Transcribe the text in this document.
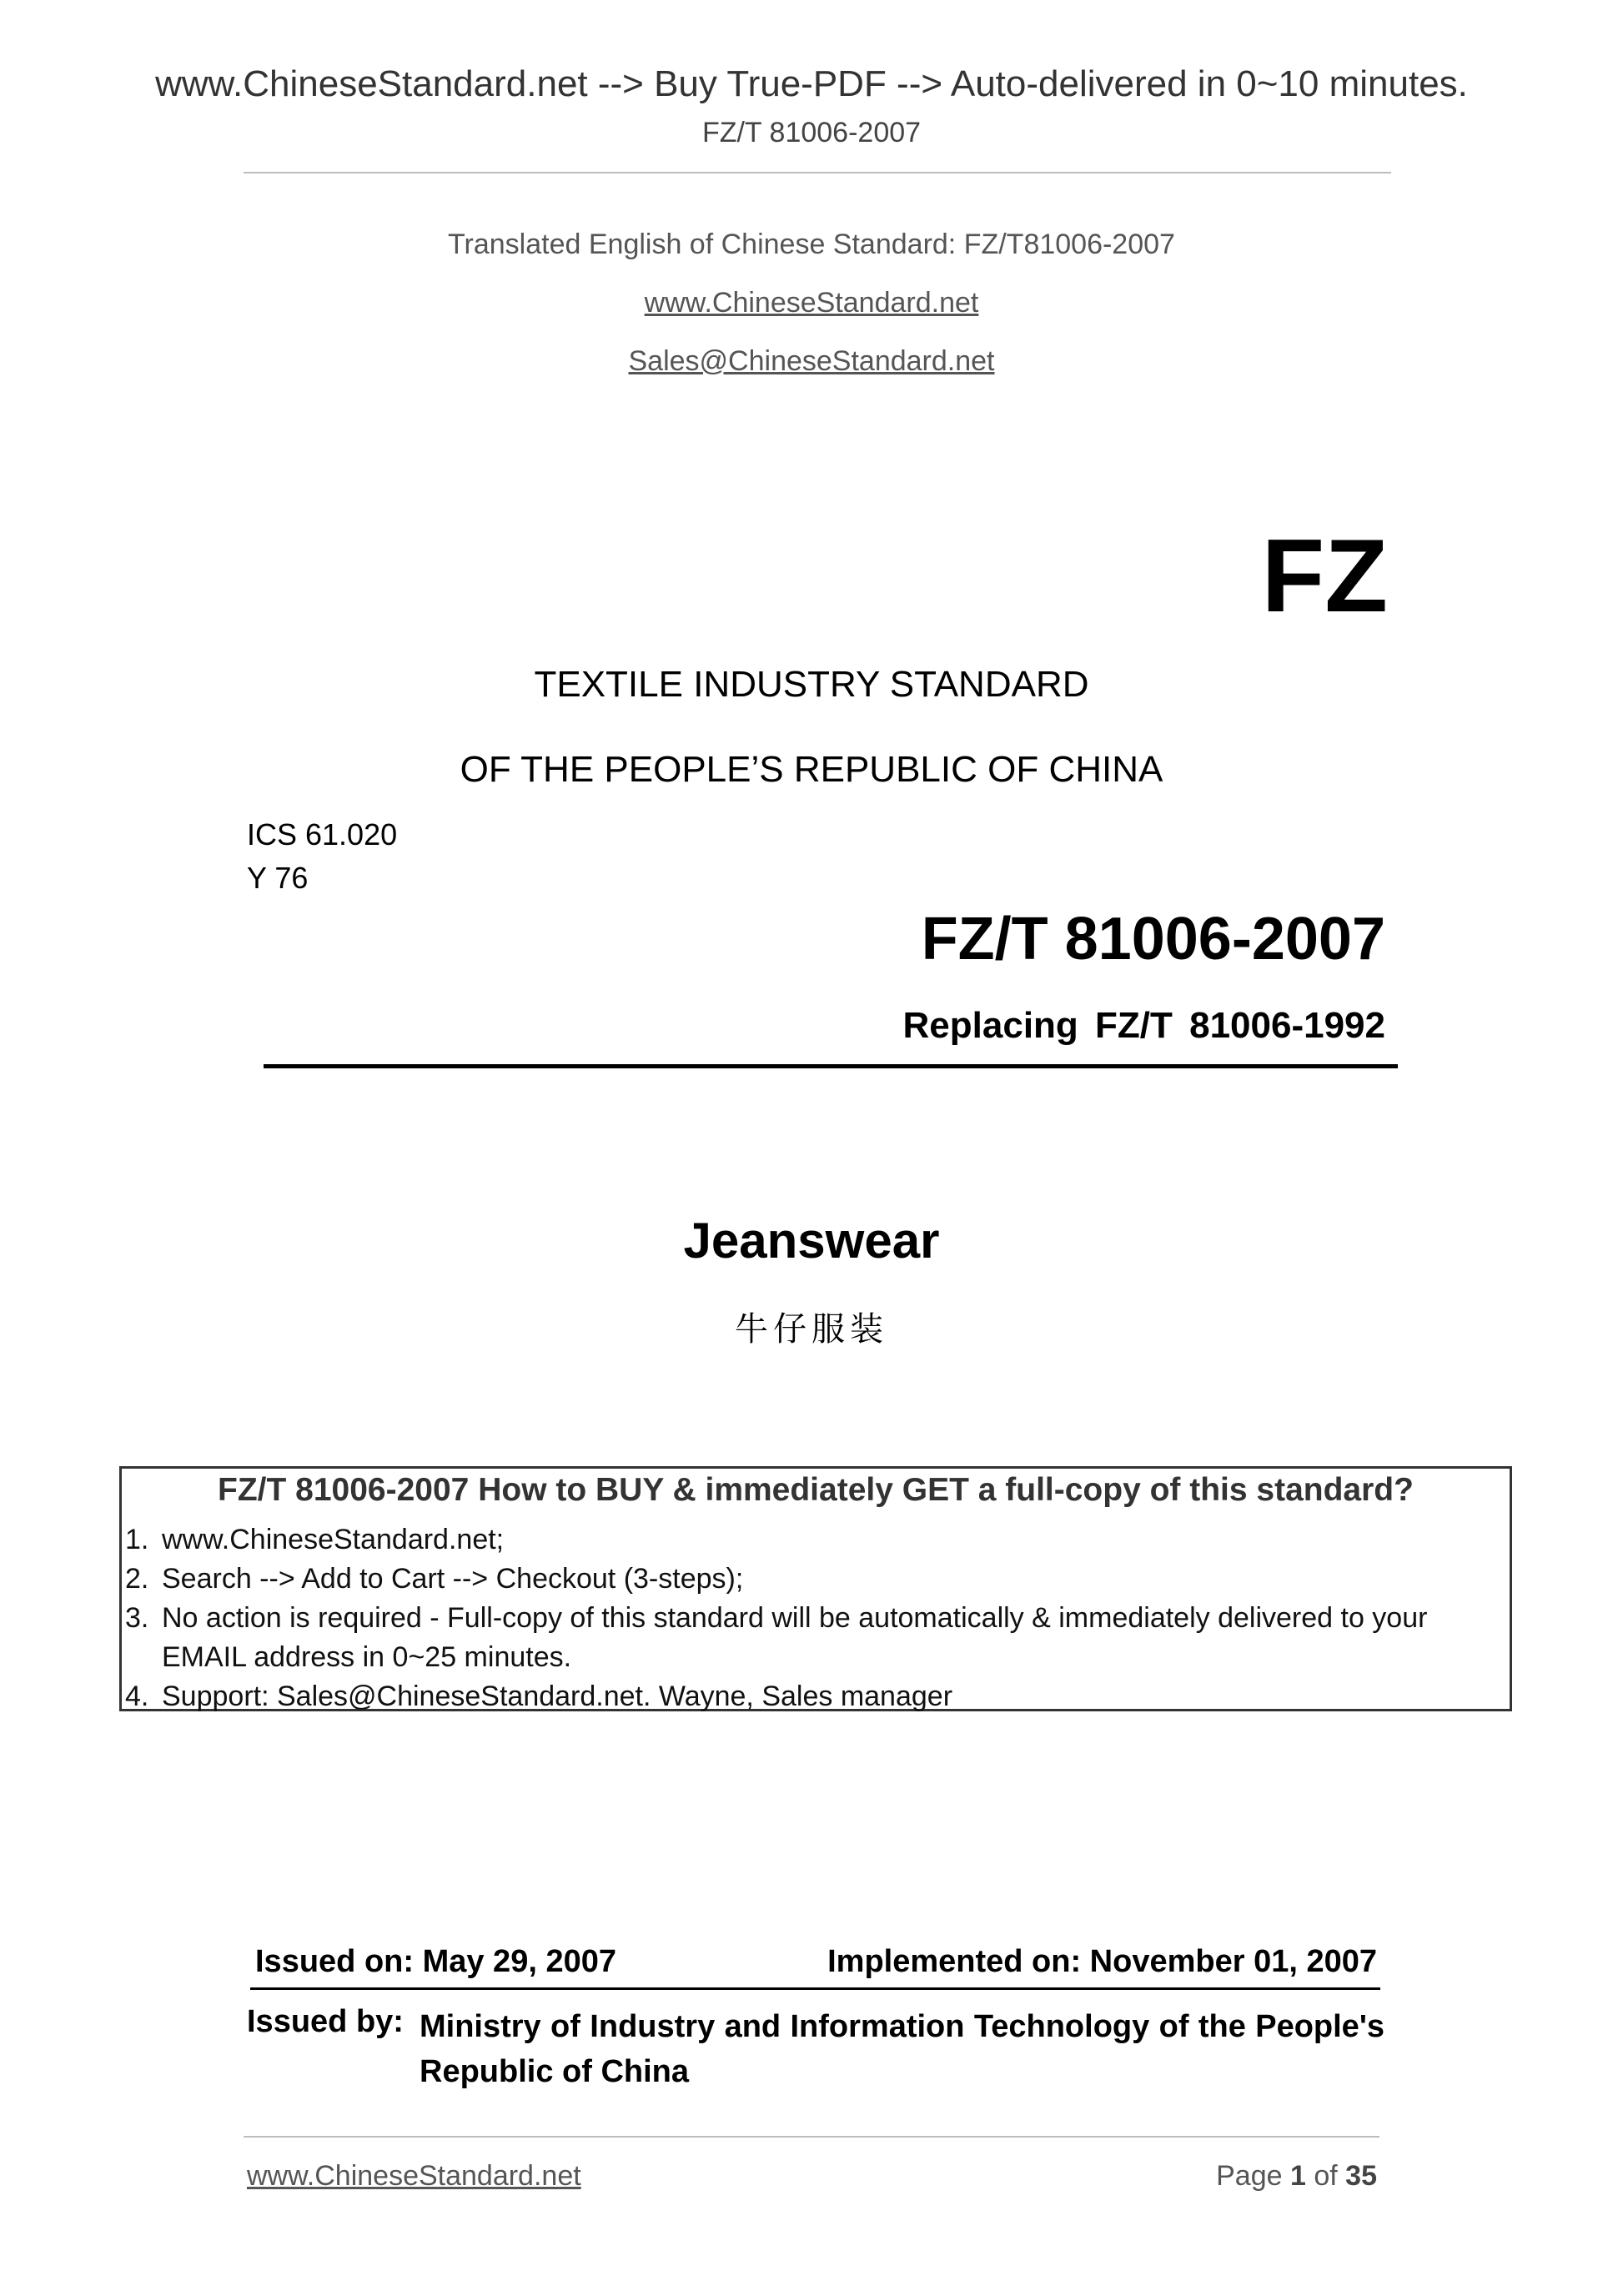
www.ChineseStandard.net --> Buy True-PDF --> Auto-delivered in 0~10 minutes.
FZ/T 81006-2007
Translated English of Chinese Standard: FZ/T81006-2007
www.ChineseStandard.net
Sales@ChineseStandard.net
FZ
TEXTILE INDUSTRY STANDARD
OF THE PEOPLE’S REPUBLIC OF CHINA
ICS 61.020
Y 76
FZ/T 81006-2007
Replacing FZ/T 81006-1992
Jeanswear
牛仔服装
FZ/T 81006-2007 How to BUY & immediately GET a full-copy of this standard?
1. www.ChineseStandard.net;
2. Search --> Add to Cart --> Checkout (3-steps);
3. No action is required - Full-copy of this standard will be automatically & immediately delivered to your EMAIL address in 0~25 minutes.
4. Support: Sales@ChineseStandard.net. Wayne, Sales manager
Issued on: May 29, 2007	Implemented on: November 01, 2007
Issued by: Ministry of Industry and Information Technology of the People's Republic of China
www.ChineseStandard.net	Page 1 of 35
